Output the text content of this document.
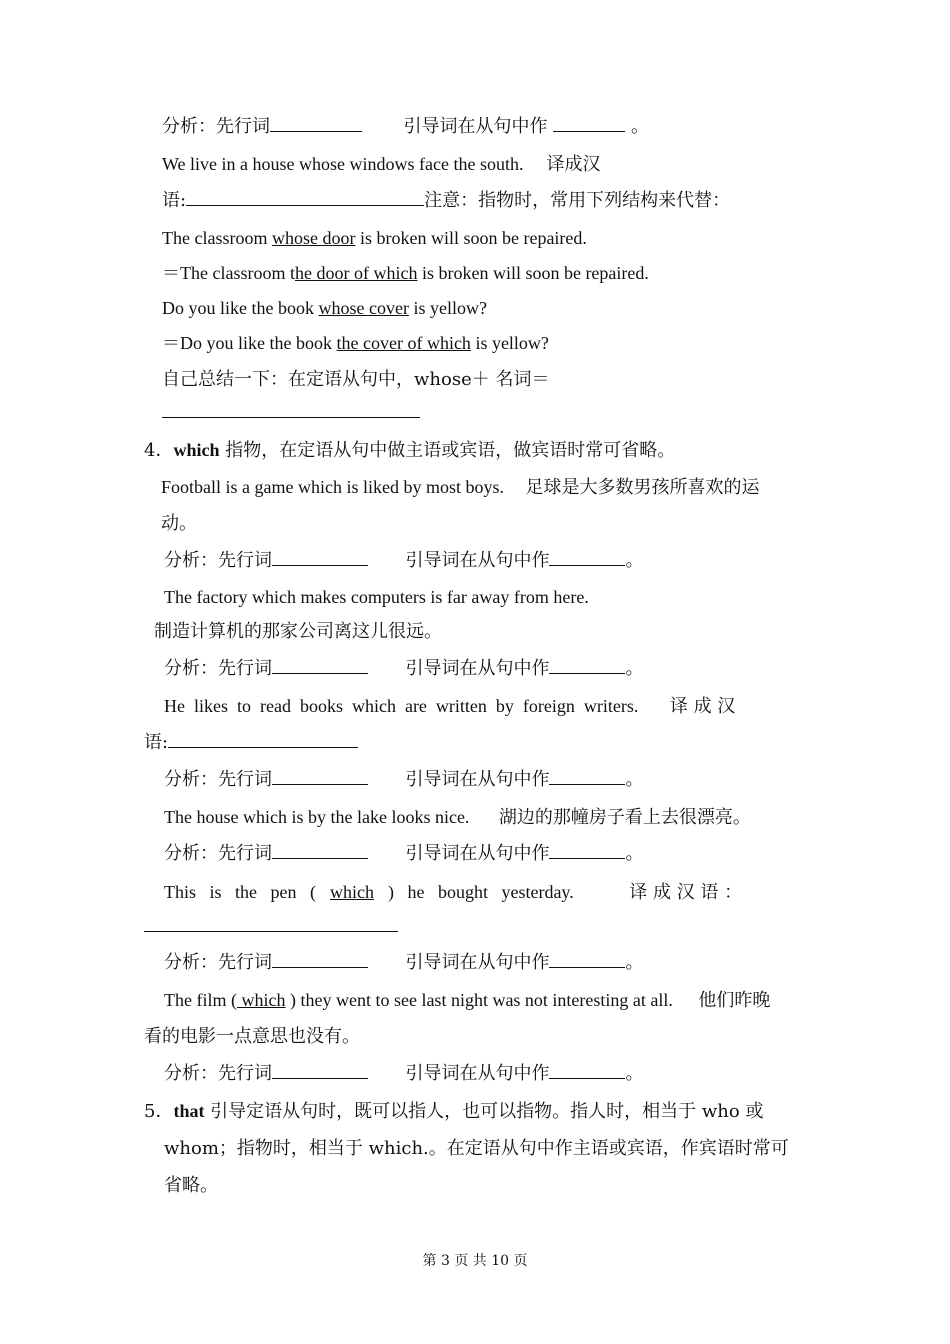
分析：先行词	引导词在从句中作	。
We live in a house whose windows face the south. 译成汉
语:	注意：指物时，常用下列结构来代替：
The classroom whose door is broken will soon be repaired.
＝The classroom the door of which is broken will soon be repaired.
Do you like the book whose cover is yellow?
＝Do you like the book the cover of which is yellow?
自己总结一下：在定语从句中，whose＋ 名词＝
4．which 指物，在定语从句中做主语或宾语，做宾语时常可省略。
Football is a game which is liked by most boys. 足球是大多数男孩所喜欢的运
动。
分析：先行词	引导词在从句中作	。
The factory which makes computers is far away from here.
制造计算机的那家公司离这儿很远。
分析：先行词	引导词在从句中作	。
He  likes  to  read  books  which  are  written  by  foreign  writers. 译 成 汉
语:
分析：先行词	引导词在从句中作	。
The house which is by the lake looks nice. 湖边的那幢房子看上去很漂亮。
分析：先行词	引导词在从句中作	。
This   is   the   pen   ( which )   he   bought   yesterday.	译 成 汉 语 ：
分析：先行词	引导词在从句中作	。
The film ( which ) they went to see last night was not interesting at all. 他们昨晚
看的电影一点意思也没有。
分析：先行词	引导词在从句中作	。
5．that 引导定语从句时，既可以指人，也可以指物。指人时，相当于 who 或
whom；指物时，相当于 which.。在定语从句中作主语或宾语，作宾语时常可
省略。
第 3 页 共 10 页
